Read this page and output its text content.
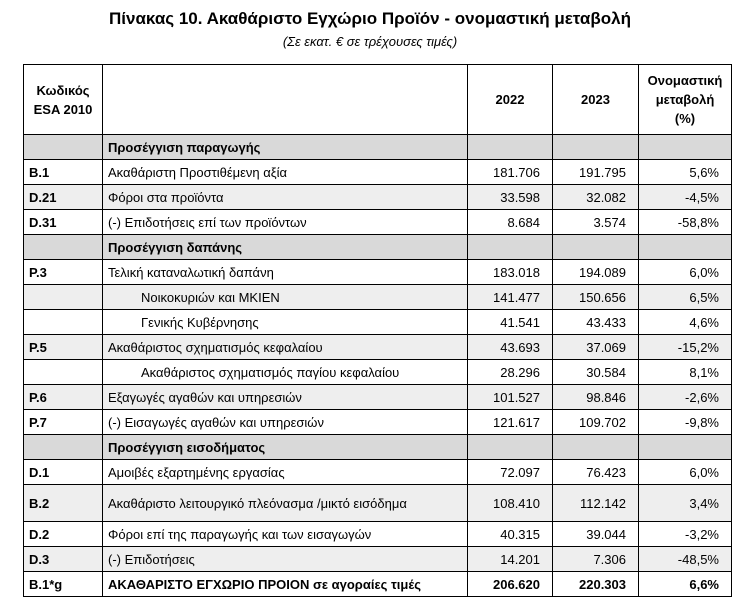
Πίνακας 10. Ακαθάριστο Εγχώριο Προϊόν - ονομαστική μεταβολή
(Σε εκατ. € σε τρέχουσες τιμές)
Κωδικός ESA 2010		2022	2023	Ονομαστική μεταβολή (%)
	Προσέγγιση παραγωγής			
B.1	Ακαθάριστη Προστιθέμενη αξία	181.706	191.795	5,6%
D.21	Φόροι στα προϊόντα	33.598	32.082	-4,5%
D.31	(-) Επιδοτήσεις επί των προϊόντων	8.684	3.574	-58,8%
	Προσέγγιση δαπάνης			
P.3	Τελική καταναλωτική δαπάνη	183.018	194.089	6,0%
	Νοικοκυριών και ΜΚΙΕΝ	141.477	150.656	6,5%
	Γενικής Κυβέρνησης	41.541	43.433	4,6%
P.5	Ακαθάριστος σχηματισμός κεφαλαίου	43.693	37.069	-15,2%
	Ακαθάριστος σχηματισμός παγίου κεφαλαίου	28.296	30.584	8,1%
P.6	Εξαγωγές αγαθών και υπηρεσιών	101.527	98.846	-2,6%
P.7	(-) Εισαγωγές αγαθών και υπηρεσιών	121.617	109.702	-9,8%
	Προσέγγιση εισοδήματος			
D.1	Αμοιβές εξαρτημένης εργασίας	72.097	76.423	6,0%
B.2	Ακαθάριστο λειτουργικό πλεόνασμα /μικτό εισόδημα	108.410	112.142	3,4%
D.2	Φόροι επί της παραγωγής και των εισαγωγών	40.315	39.044	-3,2%
D.3	(-) Επιδοτήσεις	14.201	7.306	-48,5%
B.1*g	ΑΚΑΘΑΡΙΣΤΟ ΕΓΧΩΡΙΟ ΠΡΟΙΟΝ σε αγοραίες τιμές	206.620	220.303	6,6%
